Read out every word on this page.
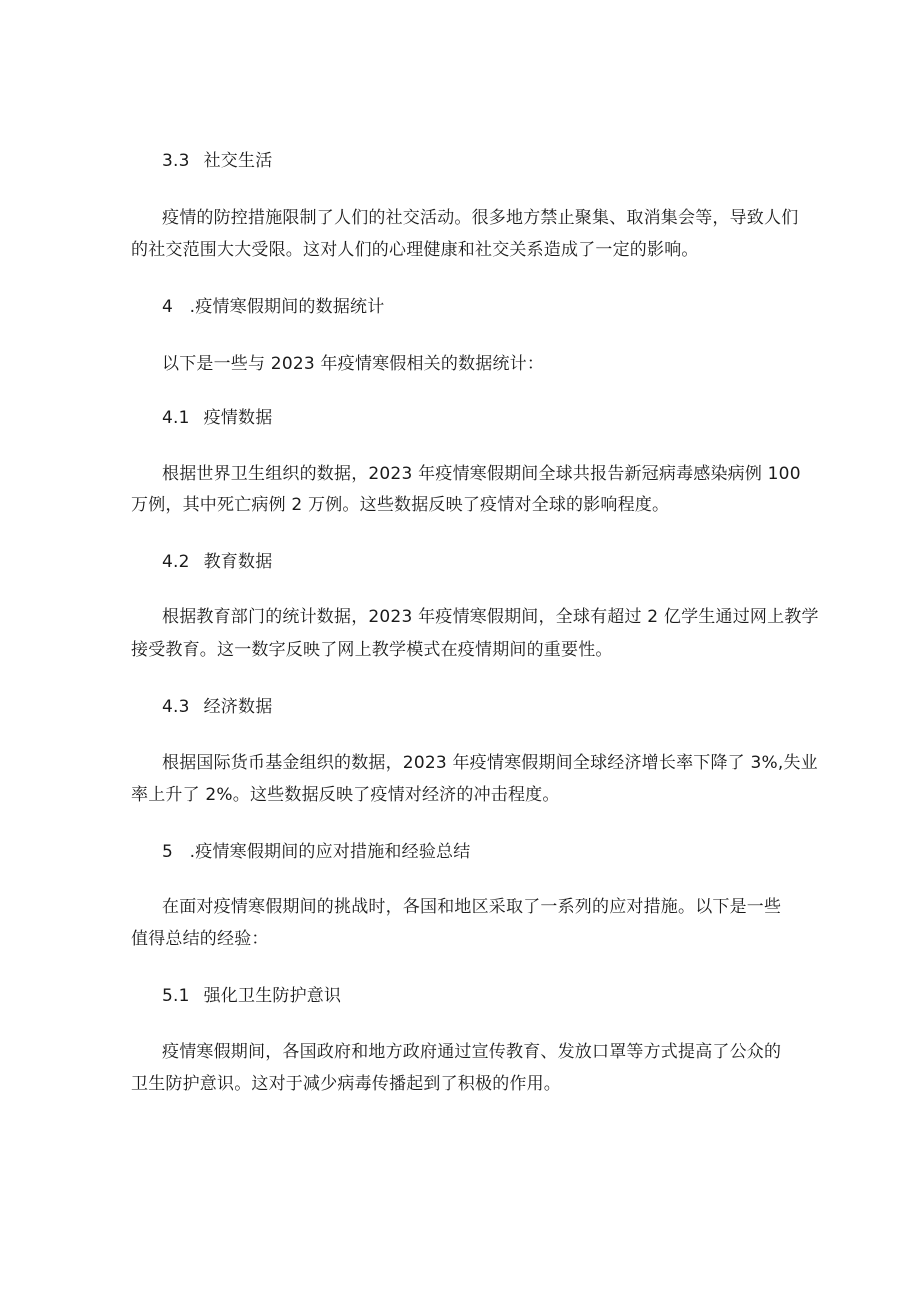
3.3 社交生活
疫情的防控措施限制了人们的社交活动。很多地方禁止聚集、取消集会等，导致人们
的社交范围大大受限。这对人们的心理健康和社交关系造成了一定的影响。
4 .疫情寒假期间的数据统计
以下是一些与 2023 年疫情寒假相关的数据统计：
4.1 疫情数据
根据世界卫生组织的数据，2023 年疫情寒假期间全球共报告新冠病毒感染病例 100
万例，其中死亡病例 2 万例。这些数据反映了疫情对全球的影响程度。
4.2 教育数据
根据教育部门的统计数据，2023 年疫情寒假期间，全球有超过 2 亿学生通过网上教学
接受教育。这一数字反映了网上教学模式在疫情期间的重要性。
4.3 经济数据
根据国际货币基金组织的数据，2023 年疫情寒假期间全球经济增长率下降了 3%,失业
率上升了 2%。这些数据反映了疫情对经济的冲击程度。
5 .疫情寒假期间的应对措施和经验总结
在面对疫情寒假期间的挑战时，各国和地区采取了一系列的应对措施。以下是一些
值得总结的经验：
5.1 强化卫生防护意识
疫情寒假期间，各国政府和地方政府通过宣传教育、发放口罩等方式提高了公众的
卫生防护意识。这对于减少病毒传播起到了积极的作用。
